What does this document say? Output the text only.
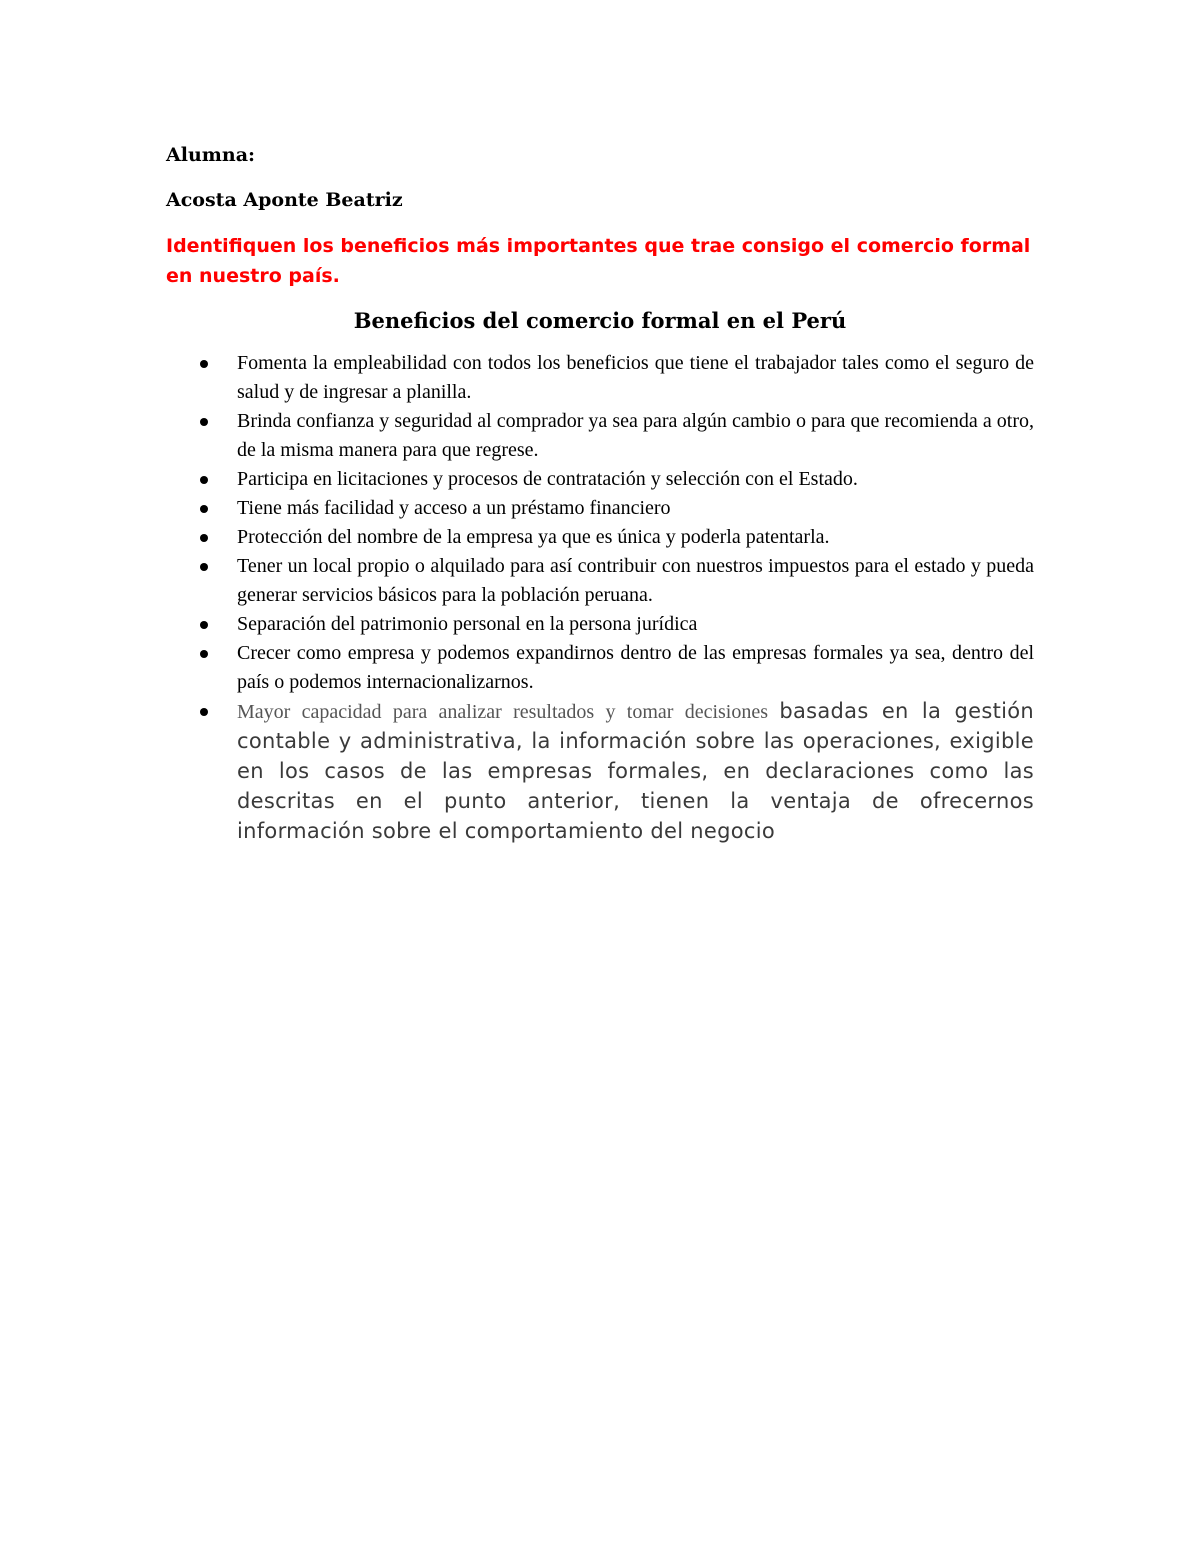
Alumna:

Acosta Aponte Beatriz

Identifiquen los beneficios más importantes que trae consigo el comercio formal en nuestro país.

Beneficios del comercio formal en el Perú
Fomenta la empleabilidad con todos los beneficios que tiene el trabajador tales como el seguro de salud y de ingresar a planilla.
Brinda confianza y seguridad al comprador ya sea para algún cambio o para que recomienda a otro, de la misma manera para que regrese.
Participa en licitaciones y procesos de contratación y selección con el Estado.
Tiene más facilidad y acceso a un préstamo financiero
Protección del nombre de la empresa ya que es única y poderla patentarla.
Tener un local propio o alquilado para así contribuir con nuestros impuestos para el estado y pueda generar servicios básicos para la población peruana.
Separación del patrimonio personal en la persona jurídica
Crecer como empresa y podemos expandirnos dentro de las empresas formales ya sea, dentro del país o podemos internacionalizarnos.
Mayor capacidad para analizar resultados y tomar decisiones basadas en la gestión contable y administrativa, la información sobre las operaciones, exigible en los casos de las empresas formales, en declaraciones como las descritas en el punto anterior, tienen la ventaja de ofrecernos información sobre el comportamiento del negocio
